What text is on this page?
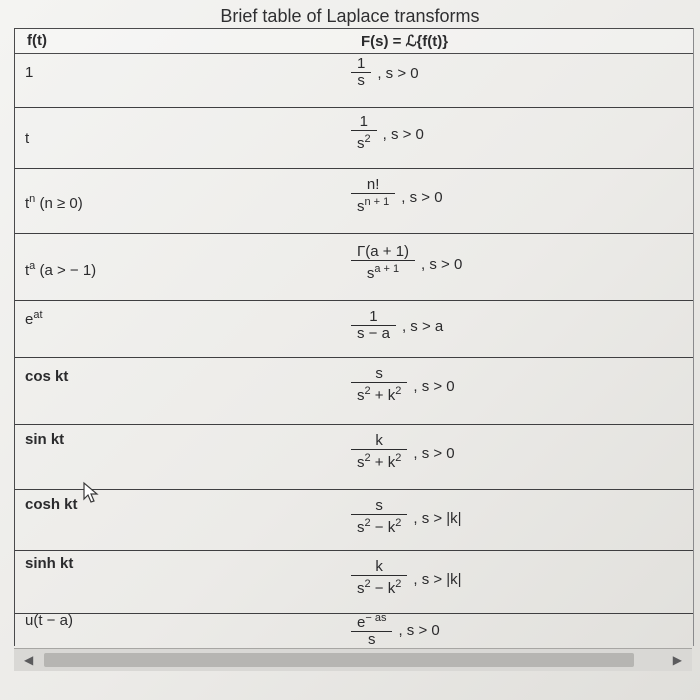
Brief table of Laplace transforms
f(t)	F(s) = ℒ{f(t)}
1	$\frac{1}{s}$ , s > 0
t	$\frac{1}{s^2}$ , s > 0
$t^n$ (n ≥ 0)	$\frac{n!}{s^{n + 1}}$ , s > 0
$t^a$ (a > − 1)	$\frac{\Gamma(a + 1)}{s^{a + 1}}$ , s > 0
$e^{at}$	$\frac{1}{s - a}$ , s > a
cos kt	$\frac{s}{s^2 + k^2}$ , s > 0
sin kt	$\frac{k}{s^2 + k^2}$ , s > 0
cosh kt	$\frac{s}{s^2 - k^2}$ , s > |k|
sinh kt	$\frac{k}{s^2 - k^2}$ , s > |k|
u(t − a)	$\frac{e^{- as}}{s}$ , s > 0
◀	▶
